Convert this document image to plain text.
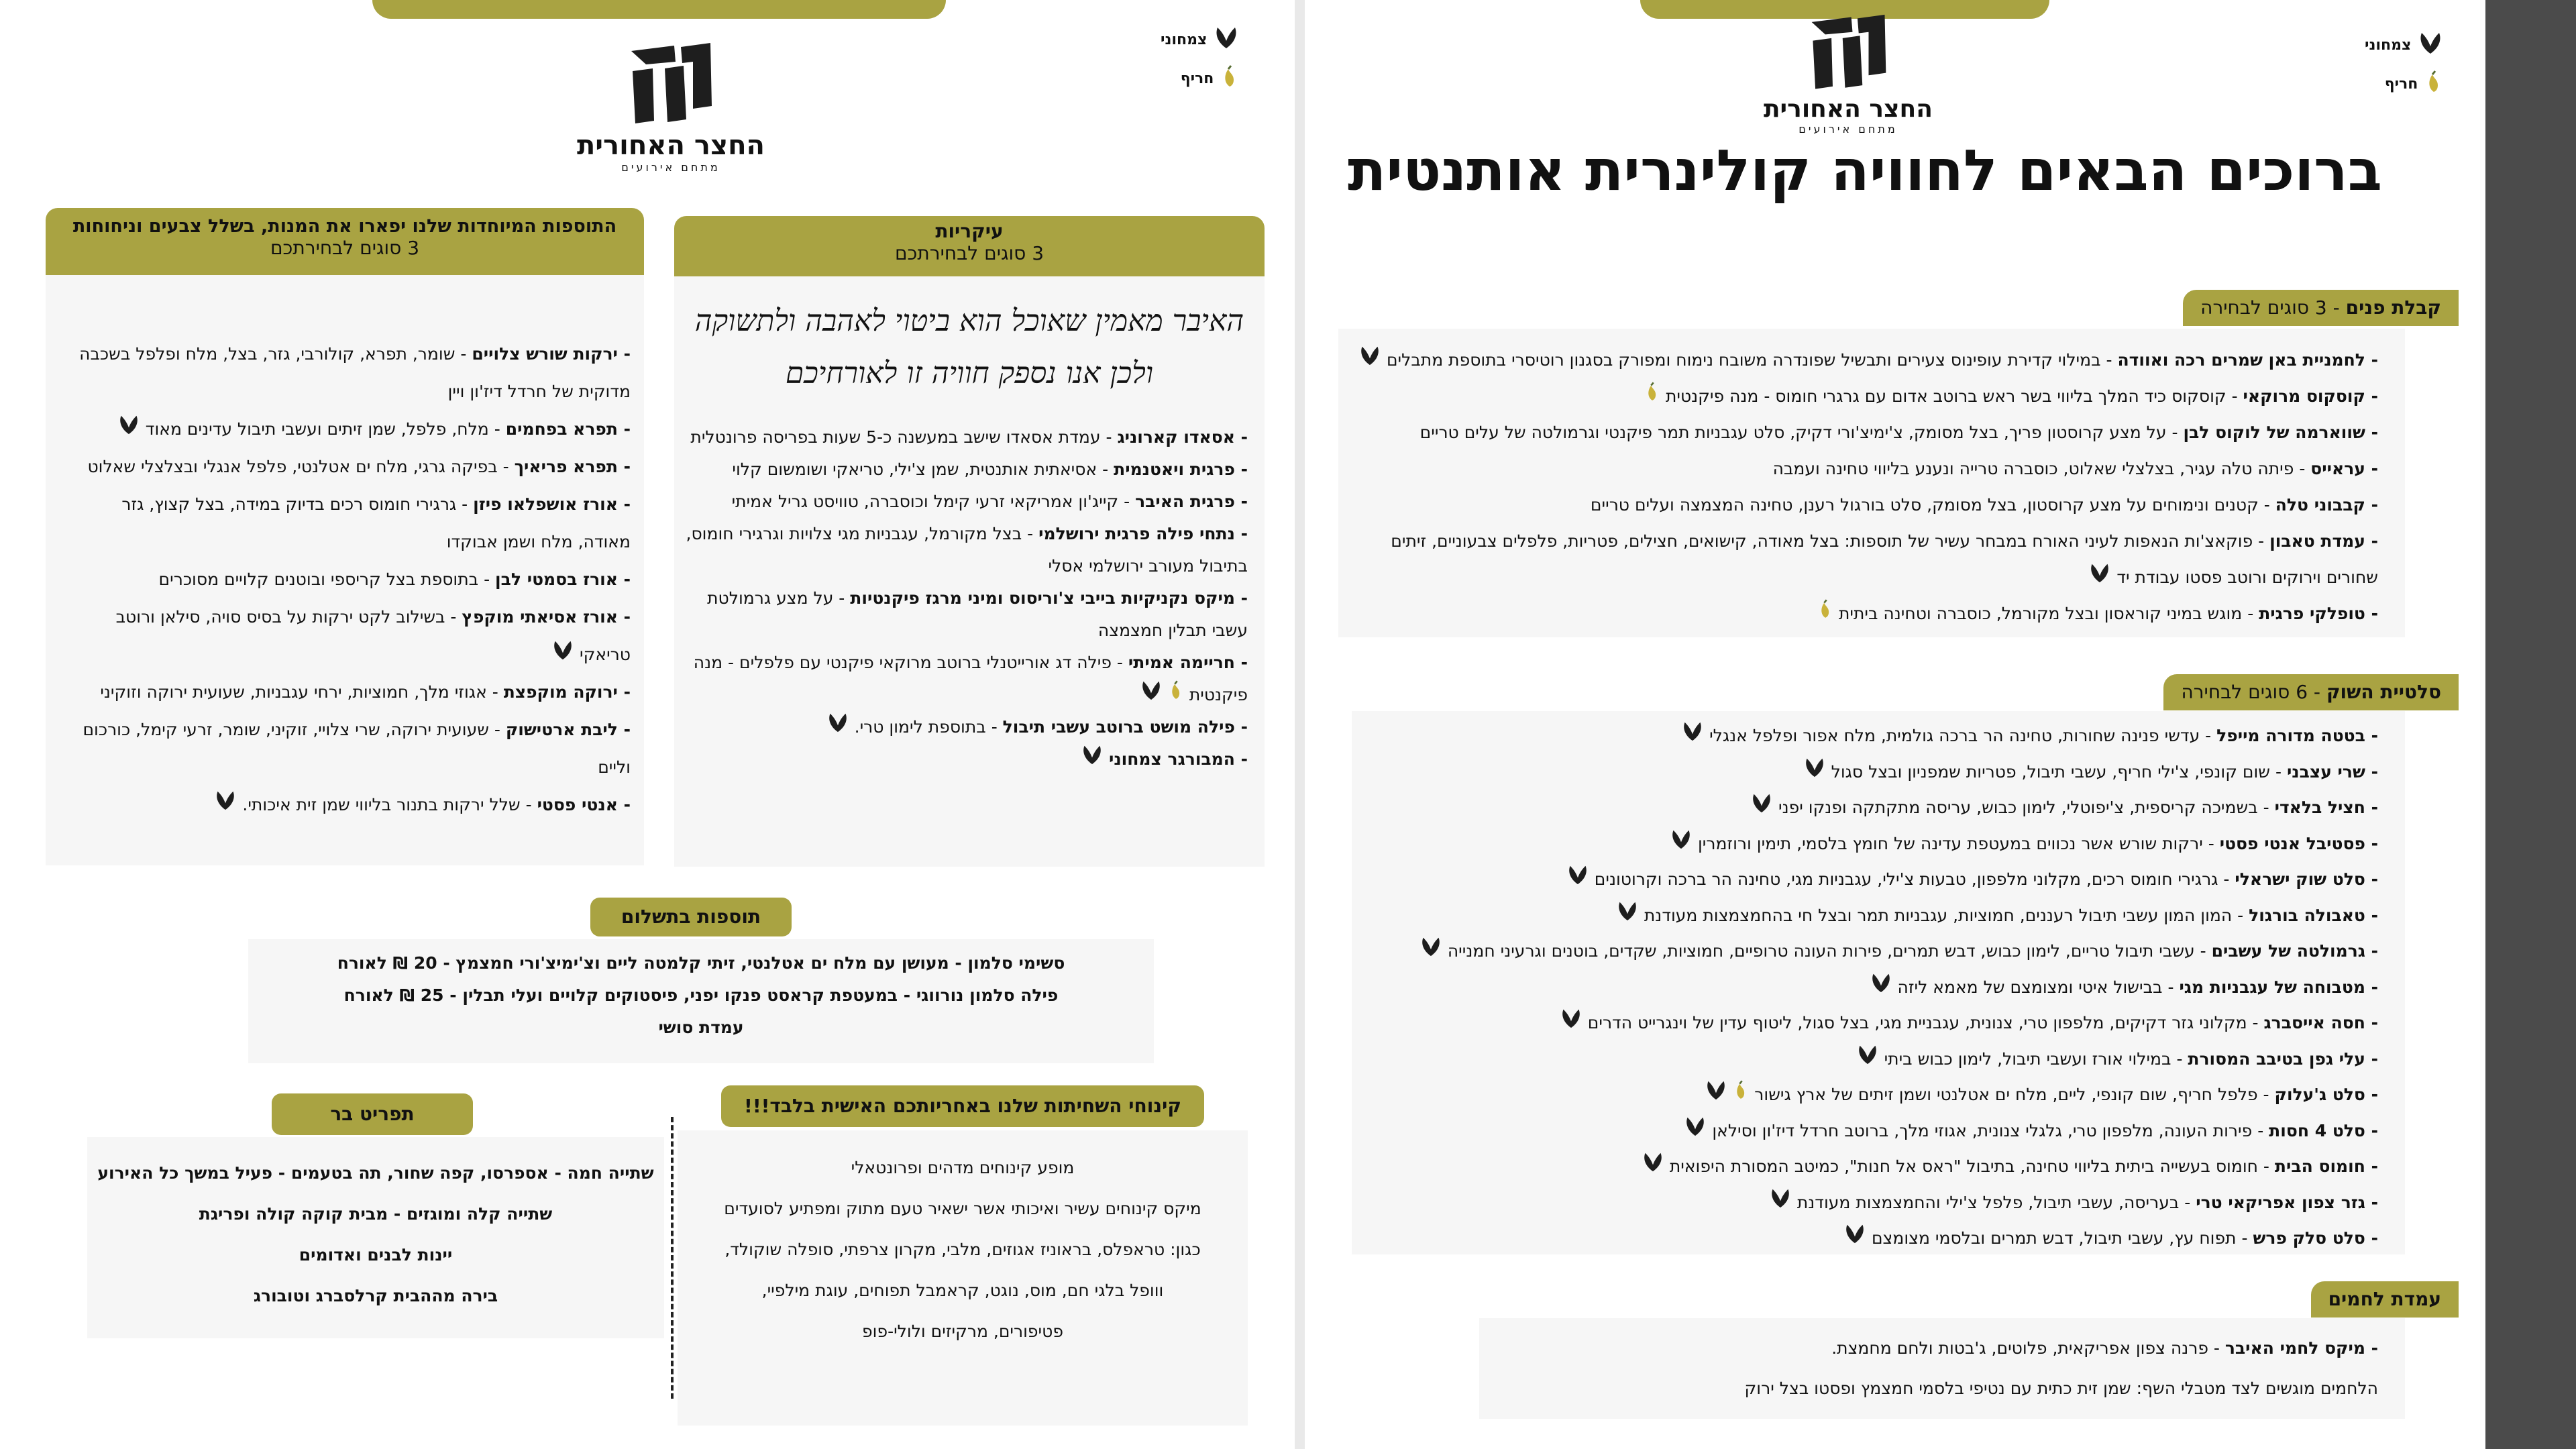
צמחוני
חריף
החצר האחורית
מתחם אירועים
עיקריות
3 סוגים לבחירתכם
האיבר מאמין שאוכל הוא ביטוי לאהבה ולתשוקה
ולכן אנו נספק חוויה זו לאורחיכם
- אסאדו קארוניג - עמדת אסאדו שישב במעשנה כ-5 שעות בפריסה פרונטלית
- פרגית ויאטנמית - אסיאתית אותנטית, שמן צ'ילי, טריאקי ושומשום קלוי
- פרגית האיבר - קייג'ון אמריקאי זרעי קימל וכוסברה, טוויסט גריל אמיתי
- נתחי פילה פרגית ירושלמי - בצל מקורמל, עגבניות מגי צלויות וגרגירי חומוס, בתיבול מעורב ירושלמי אסלי
- מיקס נקניקיות בייבי צ'וריסוס ומיני מרגז פיקנטיות - על מצע גרמולטת עשבי תבלין חמצמצה
- חריימה אמיתי - פילה דג אורייטנלי ברוטב מרוקאי פיקנטי עם פלפלים - מנה פיקנטית
- פילה מושט ברוטב עשבי תיבול - בתוספת לימון טרי.
- המבורגר צמחוני
התוספות המיוחדות שלנו יפארו את המנות, בשלל צבעים וניחוחות
3 סוגים לבחירתכם
- ירקות שורש צלויים - שומר, תפרא, קולורבי, גזר, בצל, מלח ופלפל בשכבה מדוקית של חרדל דיז'ון ויין
- תפרא בפחמים - מלח, פלפל, שמן זיתים ועשבי תיבול עדינים מאוד
- תפרא פריאיך - בפיקה גרגי, מלח ים אטלנטי, פלפל אנגלי ובצלצלי שאלוט
- אורז אושפלאו פיזן - גרגירי חומוס רכים בדיוק במידה, בצל קצוץ, גזר מאודה, מלח ושמן אבוקדו
- אורז בסמטי לבן - בתוספת בצל קריספי ובוטנים קלויים מסוכרים
- אורז אסיאתי מוקפץ - בשילוב לקט ירקות על בסיס סויה, סילאן ורוטב טריאקי
- ירוקה מוקפצת - אגוזי מלך, חמוציות, ירחי עגבניות, שעועית ירוקה וזוקיני
- ליבת ארטישוק - שעועית ירוקה, שרי צלויי, זוקיני, שומר, זרעי קימל, כורכום וליים
- אנטי פסטי - שלל ירקות בתנור בליווי שמן זית איכותי.
תוספות בתשלום
סשימי סלמון - מעושן עם מלח ים אטלנטי, זיתי קלמטה ליים וצ'ימיצ'ורי חמצמץ - 20 ₪ לאורח
פילה סלמון נורווגי - במעטפת קראסט פנקו יפני, פיסטוקים קלויים ועלי תבלין - 25 ₪ לאורח
עמדת סושי
קינוחי השחיתות שלנו באחריותכם האישית בלבד!!!
מופע קינוחים מדהים ופרונטאלי
מיקס קינוחים עשיר ואיכותי אשר ישאיר טעם מתוק ומפתיע לסועדים
כגון: טראפלס, בראוניז אגוזים, מלבי, מקרון צרפתי, סופלה שוקולד,
ווופל בלגי חם, מוס, נוגט, קראמבל תפוחים, עוגת מילפיי,
פטיפורים, מרקיזים ולולי-פופ
תפריט בר
שתייה חמה - אספרסו, קפה שחור, תה בטעמים - פעיל במשך כל האירוע
שתייה קלה ומוגזים - מבית קוקה קולה ופריגת
יינות לבנים ואדומים
בירה מההבית קרלסברג וטובורג
צמחוני
חריף
החצר האחורית
מתחם אירועים
ברוכים הבאים לחוויה קולינרית אותנטית
קבלת פנים - 3 סוגים לבחירה
- לחמניית באן שמרים רכה ואוודה - במילוי קדירת עופינוס צעירים ותבשיל שפונדרה משובח נימוח ומפורק בסגנון רוטיסרי בתוספת מתבלים
- קוסקוס מרוקאי - קוסקוס כיד המלך בליווי בשר ראש ברוטב אדום עם גרגרי חומוס - מנה פיקנטית
- שווארמה של לוקוס לבן - על מצע קרוסטון פריך, בצל מסומק, צ'ימיצ'ורי דקיק, סלט עגבניות תמר פיקנטי וגרמולטה של עלים טריים
- עראייס - פיתה טלה עגיר, בצלצלי שאלוט, כוסברה טרייה ונענע בליווי טחינה ועמבה
- קבבוני טלה - קטנים ונימוחים על מצע קרוסטון, בצל מסומק, סלט בורגול רענן, טחינה המצמצה ועלים טריים
- עמדת טאבון - פוקאצ'ות הנאפות לעיני האורח במבחר עשיר של תוספות: בצל מאודה, קישואים, חצילים, פטריות, פלפלים צבעוניים, זיתים שחורים וירוקים ורוטב פסטו עבודת יד
- טופלקי פרגית - מוגש במיני קוראסון ובצל מקורמל, כוסברה וטחינה ביתית
סלטיית השוק - 6 סוגים לבחירה
- בטטה מדורה מייפל - עדשי פנינה שחורות, טחינה הר ברכה גולמית, מלח אפור ופלפל אנגלי
- שרי עצבני - שום קונפי, צ'ילי חריף, עשבי תיבול, פטריות שמפניון ובצל סגול
- חציל בלאדי - בשמיכה קריספית, צ'יפוטלי, לימון כבוש, עריסה מתקתקה ופנקו יפני
- פסטיבל אנטי פסטי - ירקות שורש אשר נכווים במעטפת עדינה של חומץ בלסמי, תימין ורוזמרין
- סלט שוק ישראלי - גרגירי חומוס רכים, מקלוני מלפפון, טבעות צ'ילי, עגבניות מגי, טחינה הר ברכה וקרוטונים
- טאבולה בורגול - המון המון עשבי תיבול רעננים, חמוציות, עגבניות תמר ובצל חי בהחמצמצות מעודנת
- גרמולטה של עשבים - עשבי תיבול טריים, לימון כבוש, דבש תמרים, פירות העונה טרופיים, חמוציות, שקדים, בוטנים וגרעיני חמנייה
- מטבוחה של עגבניות מגי - בבישול איטי ומצומצם של מאמא ליזה
- חסה אייסברג - מקלוני גזר דקיקים, מלפפון טרי, צנונית, עגבניית מגי, בצל סגול, ליטוף עדין של וינגרייט הדרים
- עלי גפן בטיבב המסורת - במילוי אורז ועשבי תיבול, לימון כבוש ביתי
- סלט ג'עלוק - פלפל חריף, שום קונפי, ליים, מלח ים אטלנטי ושמן זיתים של ארץ גישור
- סלט 4 חסות - פירות העונה, מלפפון טרי, גלגלי צנונית, אגוזי מלך, ברוטב חרדל דיז'ון וסילאן
- חומוס הבית - חומוס בעשייה ביתית בליווי טחינה, בתיבול "ראס אל חנות", כמיטב המסורת היפואית
- גזר צפון אפריקאי טרי - בעריסה, עשבי תיבול, פלפל צ'ילי והחמצמצות מעודנת
- סלט סלק פרש - תפוח עץ, עשבי תיבול, דבש תמרים ובלסמי מצומצם
עמדת לחמים
- מיקס לחמי האיבר - פרנה צפון אפריקאית, פלוטים, ג'בטות ולחם מחמצת.
הלחמים מוגשים לצד מטבלי השף: שמן זית כתית עם נטיפי בלסמי חמצמץ ופסטו בצל ירוק
